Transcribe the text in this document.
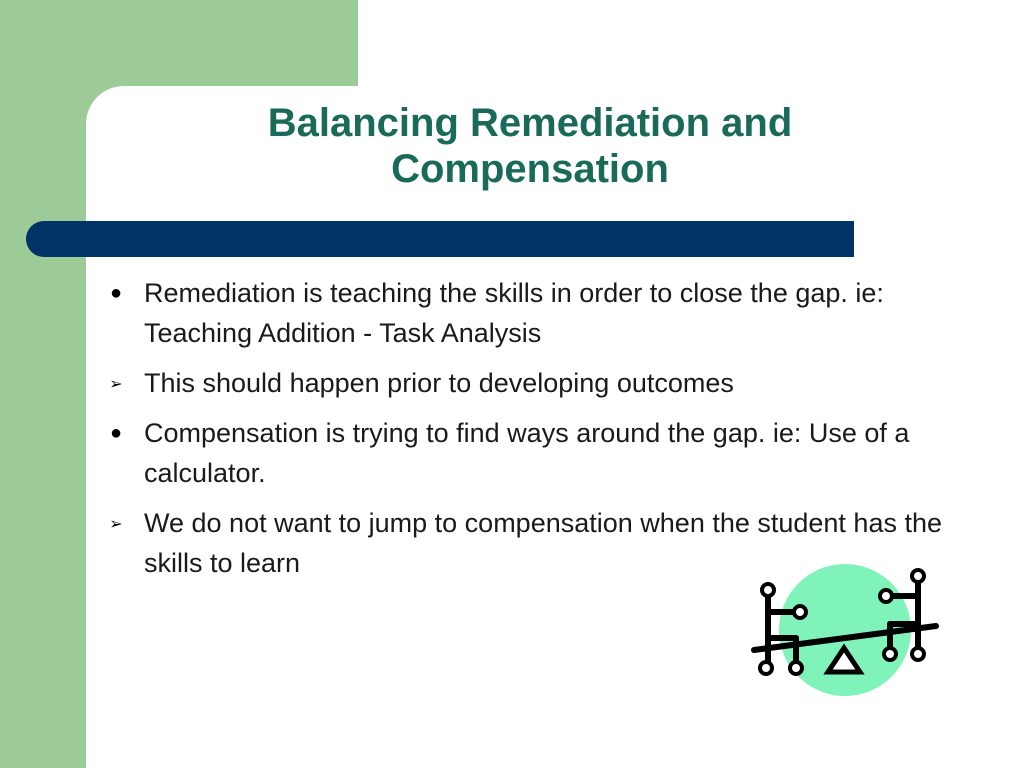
Balancing Remediation and
Compensation
●
Remediation is teaching the skills in order to close the gap. ie: Teaching Addition - Task Analysis
➢
This should happen prior to developing outcomes
●
Compensation is trying to find ways around the gap. ie: Use of a calculator.
➢
We do not want to jump to compensation when the student has the skills to learn
